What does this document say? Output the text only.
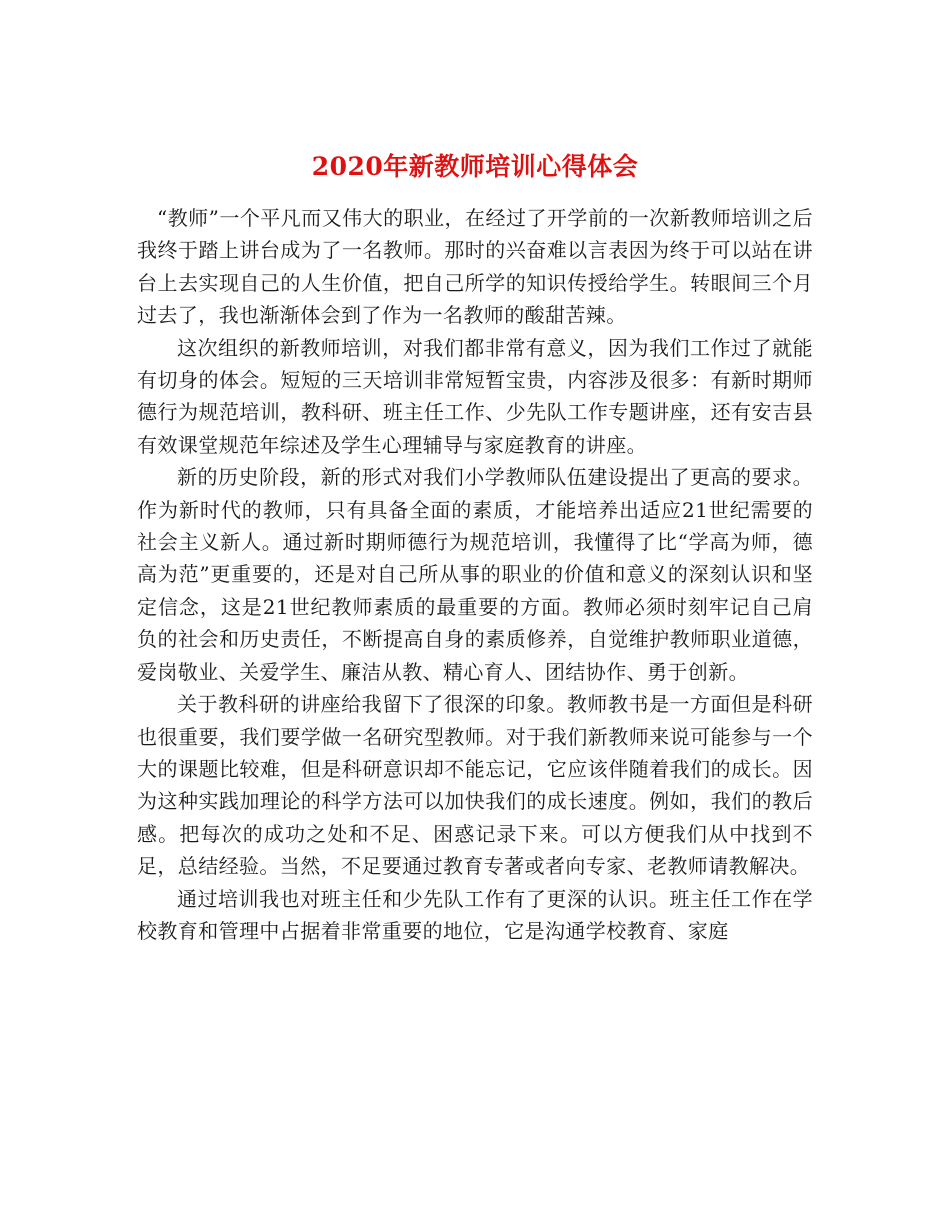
2020年新教师培训心得体会

“教师”一个平凡而又伟大的职业，在经过了开学前的一次新教师培训之后我终于踏上讲台成为了一名教师。那时的兴奋难以言表因为终于可以站在讲台上去实现自己的人生价值，把自己所学的知识传授给学生。转眼间三个月过去了，我也渐渐体会到了作为一名教师的酸甜苦辣。

这次组织的新教师培训，对我们都非常有意义，因为我们工作过了就能有切身的体会。短短的三天培训非常短暂宝贵，内容涉及很多：有新时期师德行为规范培训，教科研、班主任工作、少先队工作专题讲座，还有安吉县有效课堂规范年综述及学生心理辅导与家庭教育的讲座。

新的历史阶段，新的形式对我们小学教师队伍建设提出了更高的要求。作为新时代的教师，只有具备全面的素质，才能培养出适应21世纪需要的社会主义新人。通过新时期师德行为规范培训，我懂得了比“学高为师，德高为范”更重要的，还是对自己所从事的职业的价值和意义的深刻认识和坚定信念，这是21世纪教师素质的最重要的方面。教师必须时刻牢记自己肩负的社会和历史责任，不断提高自身的素质修养，自觉维护教师职业道德，爱岗敬业、关爱学生、廉洁从教、精心育人、团结协作、勇于创新。

关于教科研的讲座给我留下了很深的印象。教师教书是一方面但是科研也很重要，我们要学做一名研究型教师。对于我们新教师来说可能参与一个大的课题比较难，但是科研意识却不能忘记，它应该伴随着我们的成长。因为这种实践加理论的科学方法可以加快我们的成长速度。例如，我们的教后感。把每次的成功之处和不足、困惑记录下来。可以方便我们从中找到不足，总结经验。当然，不足要通过教育专著或者向专家、老教师请教解决。

通过培训我也对班主任和少先队工作有了更深的认识。班主任工作在学校教育和管理中占据着非常重要的地位，它是沟通学校教育、家庭
